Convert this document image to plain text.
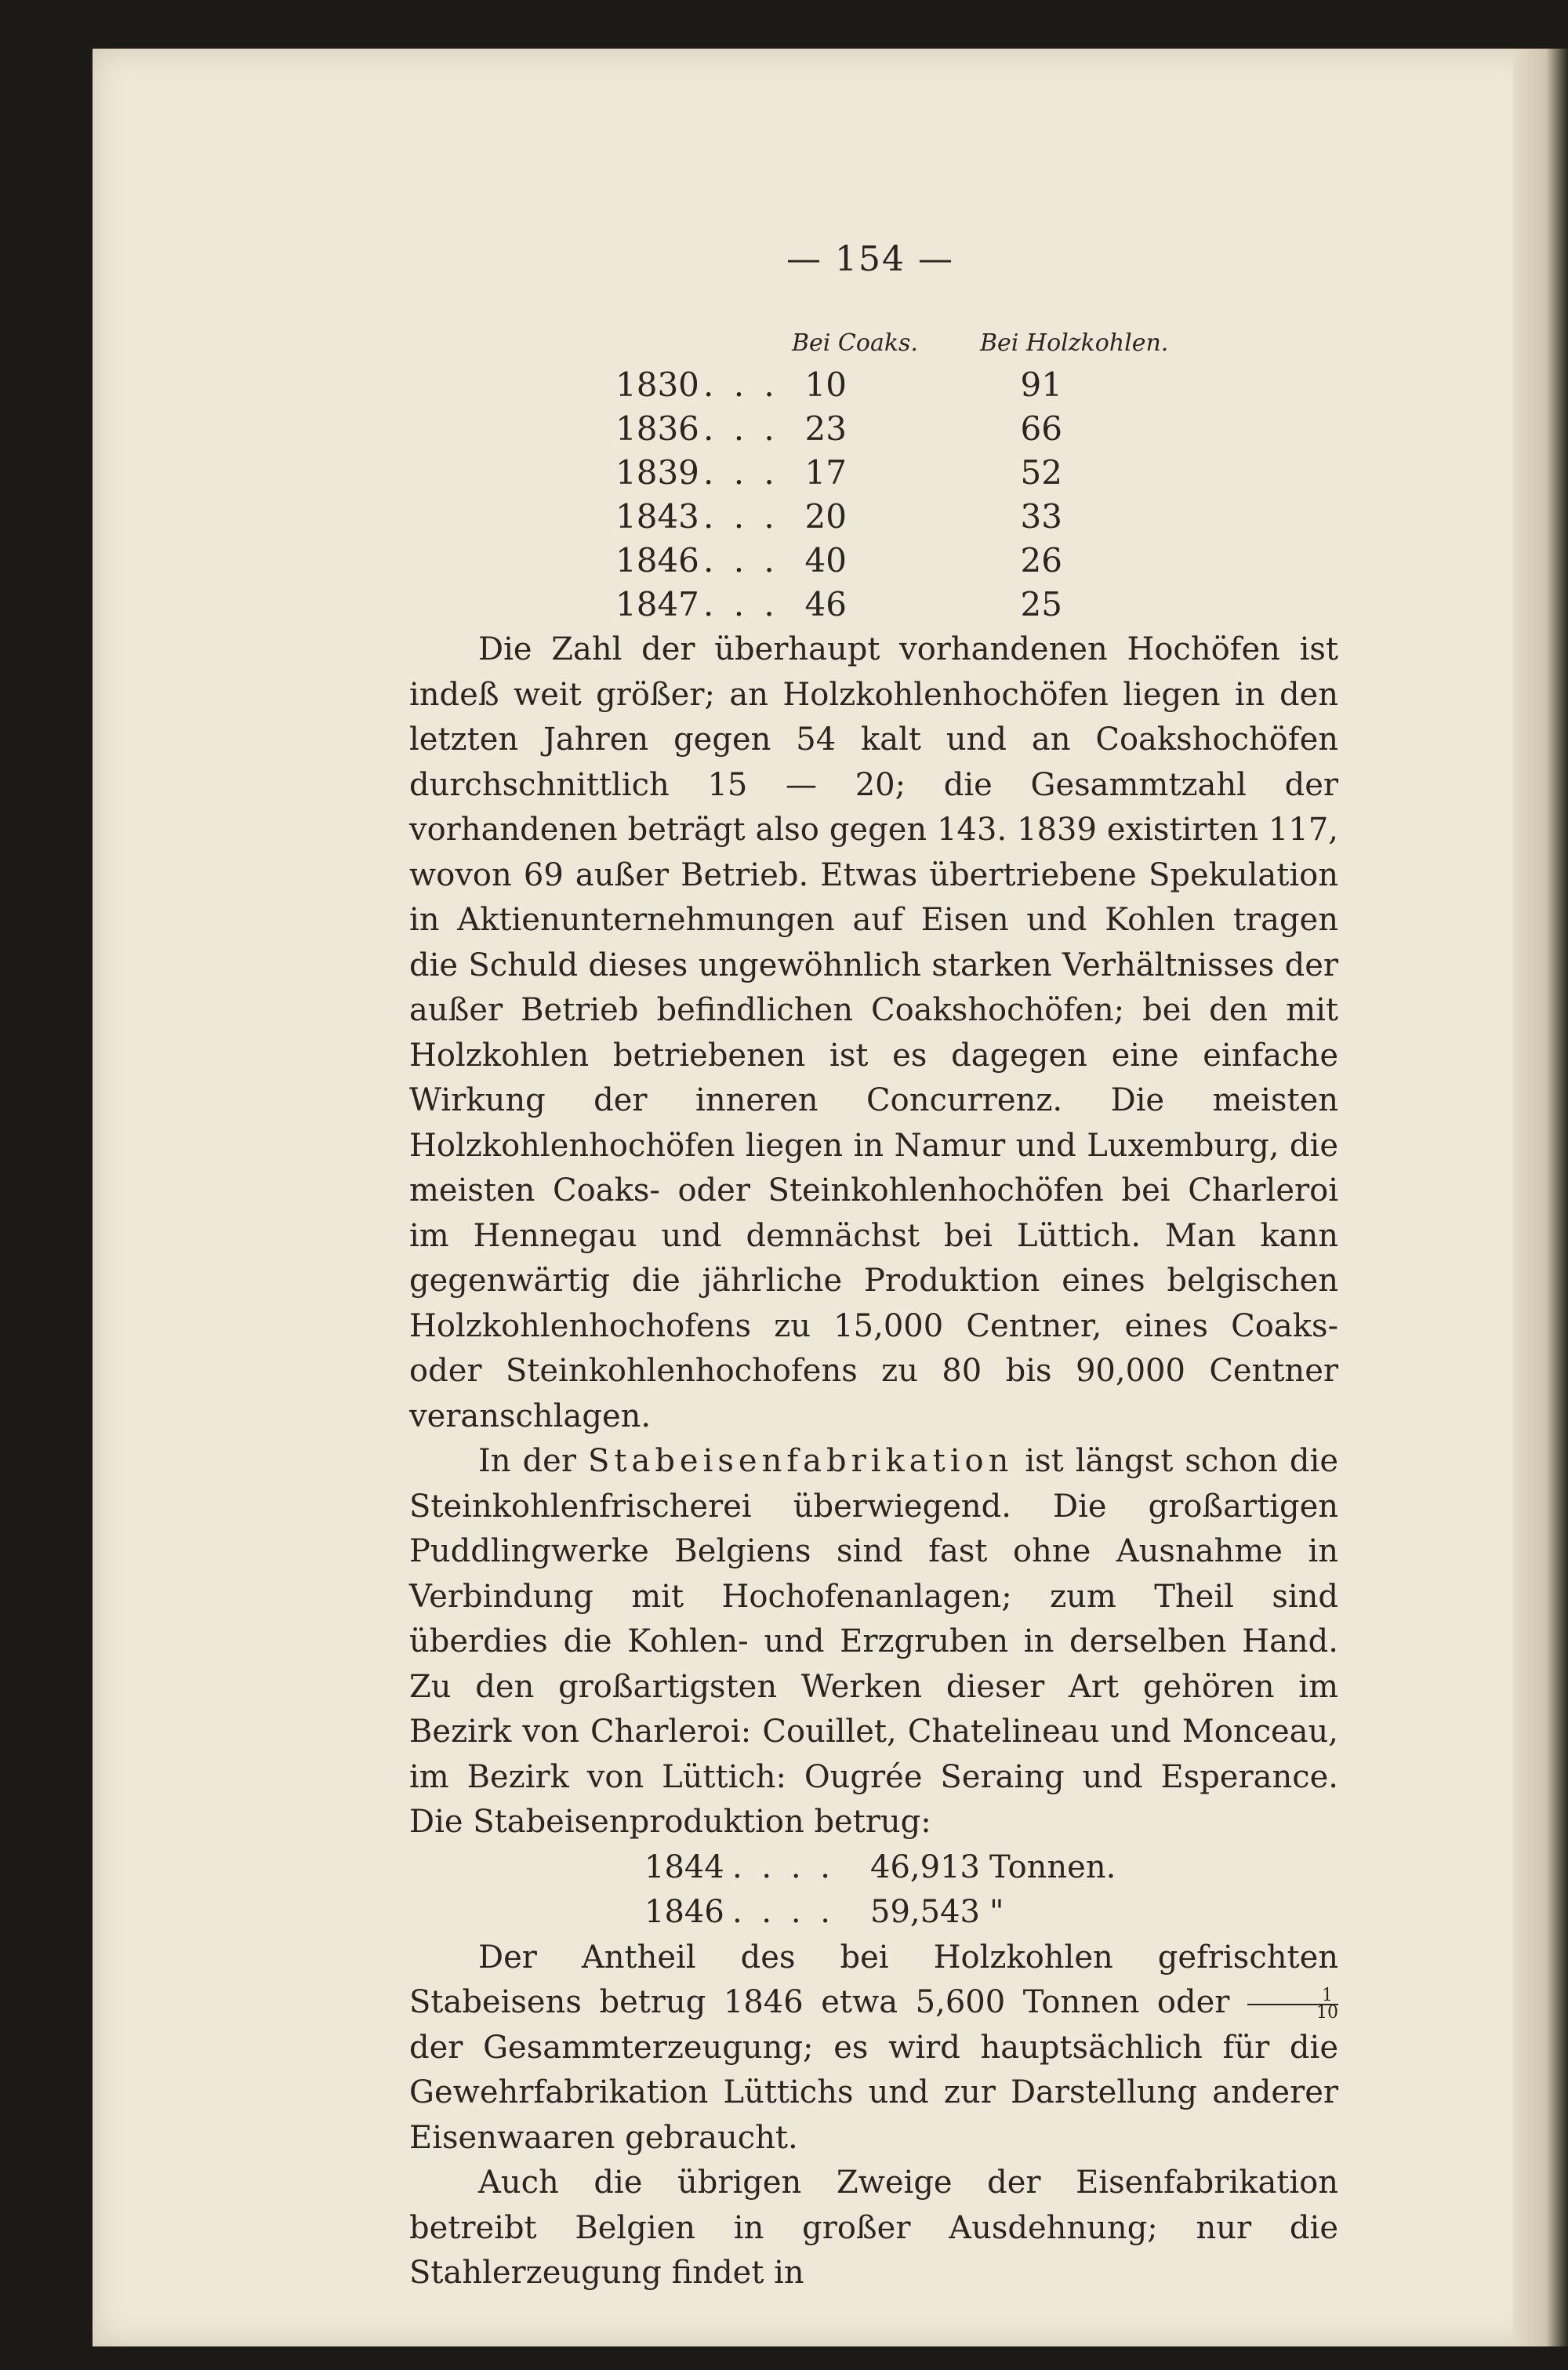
— 154 —
Bei Coaks.	Bei Holzkohlen.
1830 . . . 10	91
1836 . . . 23	66
1839 . . . 17	52
1843 . . . 20	33
1846 . . . 40	26
1847 . . . 46	25

Die Zahl der überhaupt vorhandenen Hochöfen ist indeß weit größer; an Holzkohlenhochöfen liegen in den letzten Jahren gegen 54 kalt und an Coakshochöfen durchschnittlich 15 — 20; die Gesammtzahl der vorhandenen beträgt also gegen 143. 1839 existirten 117, wovon 69 außer Betrieb. Etwas übertriebene Spekulation in Aktienunternehmungen auf Eisen und Kohlen tragen die Schuld dieses ungewöhnlich starken Verhältnisses der außer Betrieb befindlichen Coakshochöfen; bei den mit Holzkohlen betriebenen ist es dagegen eine einfache Wirkung der inneren Concurrenz. Die meisten Holzkohlenhochöfen liegen in Namur und Luxemburg, die meisten Coaks- oder Steinkohlenhochöfen bei Charleroi im Hennegau und demnächst bei Lüttich. Man kann gegenwärtig die jährliche Produktion eines belgischen Holzkohlenhochofens zu 15,000 Centner, eines Coaks- oder Steinkohlenhochofens zu 80 bis 90,000 Centner veranschlagen.

In der Stabeisenfabrikation ist längst schon die Steinkohlenfrischerei überwiegend. Die großartigen Puddlingwerke Belgiens sind fast ohne Ausnahme in Verbindung mit Hochofenanlagen; zum Theil sind überdies die Kohlen- und Erzgruben in derselben Hand. Zu den großartigsten Werken dieser Art gehören im Bezirk von Charleroi: Couillet, Chatelineau und Monceau, im Bezirk von Lüttich: Ougrée Seraing und Esperance. Die Stabeisenproduktion betrug:

1844 . . . . 46,913 Tonnen.
1846 . . . . 59,543 "

Der Antheil des bei Holzkohlen gefrischten Stabeisens betrug 1846 etwa 5,600 Tonnen oder $\frac{1}{10}$
der Gesammterzeugung; es wird hauptsächlich für die Gewehrfabrikation Lüttichs und zur Darstellung anderer Eisenwaaren gebraucht.

Auch die übrigen Zweige der Eisenfabrikation betreibt Belgien in großer Ausdehnung; nur die Stahlerzeugung findet in
